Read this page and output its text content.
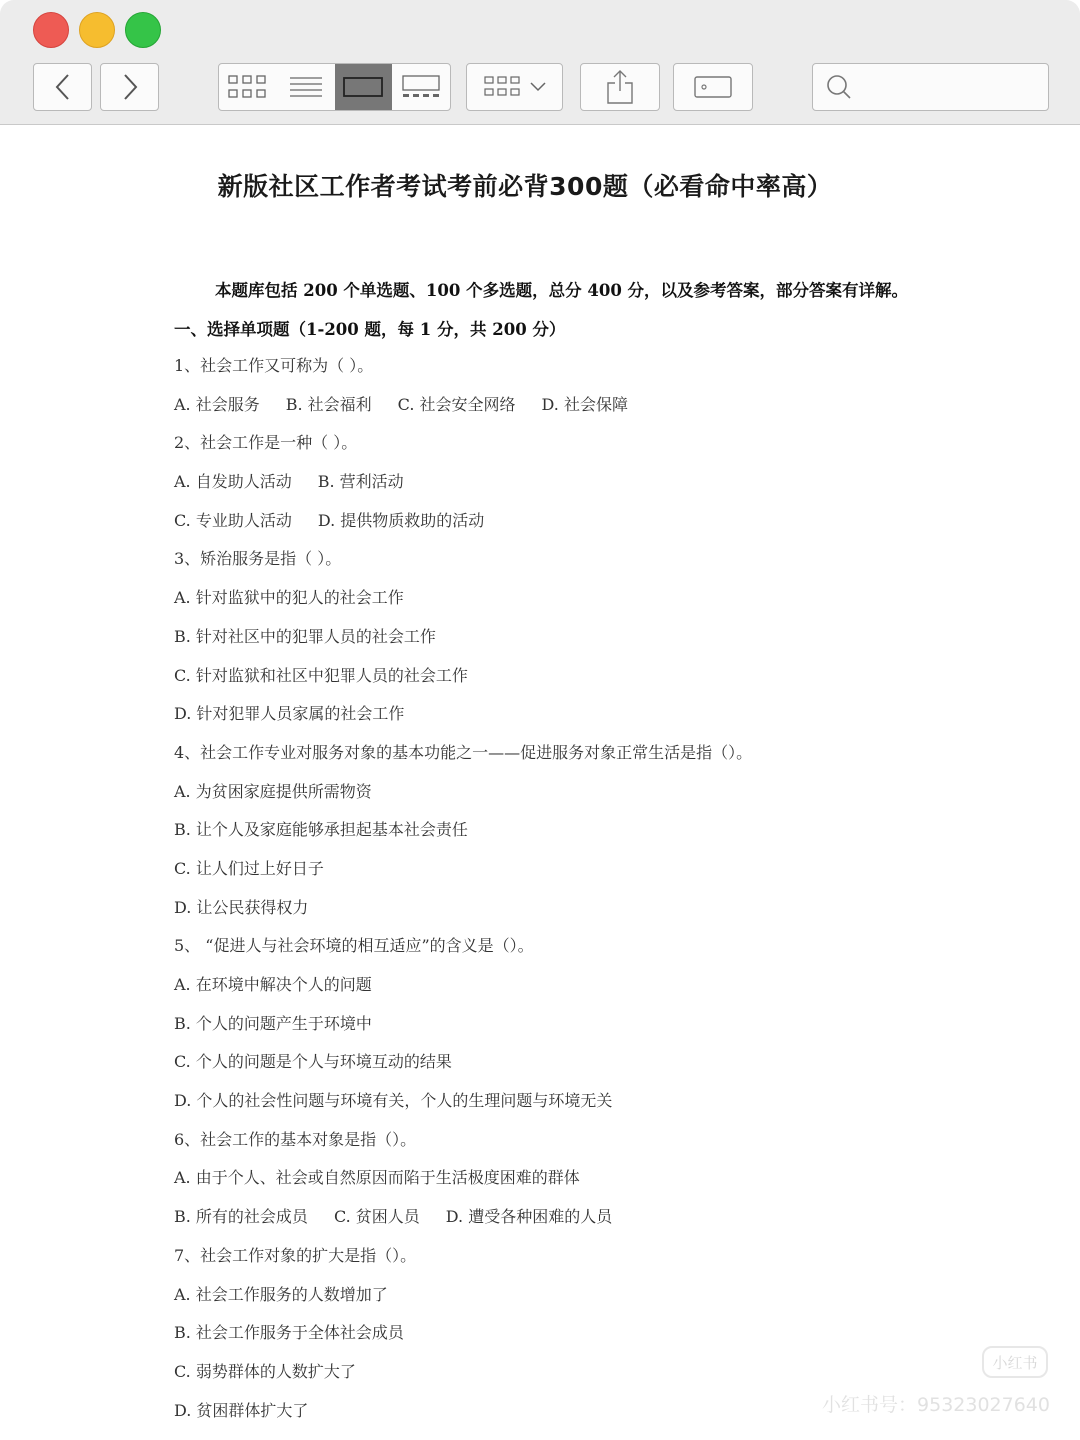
新版社区工作者考试考前必背300题（必看命中率高）
本题库包括 200 个单选题、100 个多选题，总分 400 分，以及参考答案，部分答案有详解。
一、选择单项题（1-200 题，每 1 分，共 200 分）
1、社会工作又可称为（ ）。
A. 社会服务 B. 社会福利 C. 社会安全网络 D. 社会保障
2、社会工作是一种（ ）。
A. 自发助人活动 B. 营利活动
C. 专业助人活动 D. 提供物质救助的活动
3、矫治服务是指（ ）。
A. 针对监狱中的犯人的社会工作
B. 针对社区中的犯罪人员的社会工作
C. 针对监狱和社区中犯罪人员的社会工作
D. 针对犯罪人员家属的社会工作
4、社会工作专业对服务对象的基本功能之一——促进服务对象正常生活是指（）。
A. 为贫困家庭提供所需物资
B. 让个人及家庭能够承担起基本社会责任
C. 让人们过上好日子
D. 让公民获得权力
5、 “促进人与社会环境的相互适应”的含义是（）。
A. 在环境中解决个人的问题
B. 个人的问题产生于环境中
C. 个人的问题是个人与环境互动的结果
D. 个人的社会性问题与环境有关，个人的生理问题与环境无关
6、社会工作的基本对象是指（）。
A. 由于个人、社会或自然原因而陷于生活极度困难的群体
B. 所有的社会成员 C. 贫困人员 D. 遭受各种困难的人员
7、社会工作对象的扩大是指（）。
A. 社会工作服务的人数增加了
B. 社会工作服务于全体社会成员
C. 弱势群体的人数扩大了
D. 贫困群体扩大了
小红书
小红书号：95323027640
